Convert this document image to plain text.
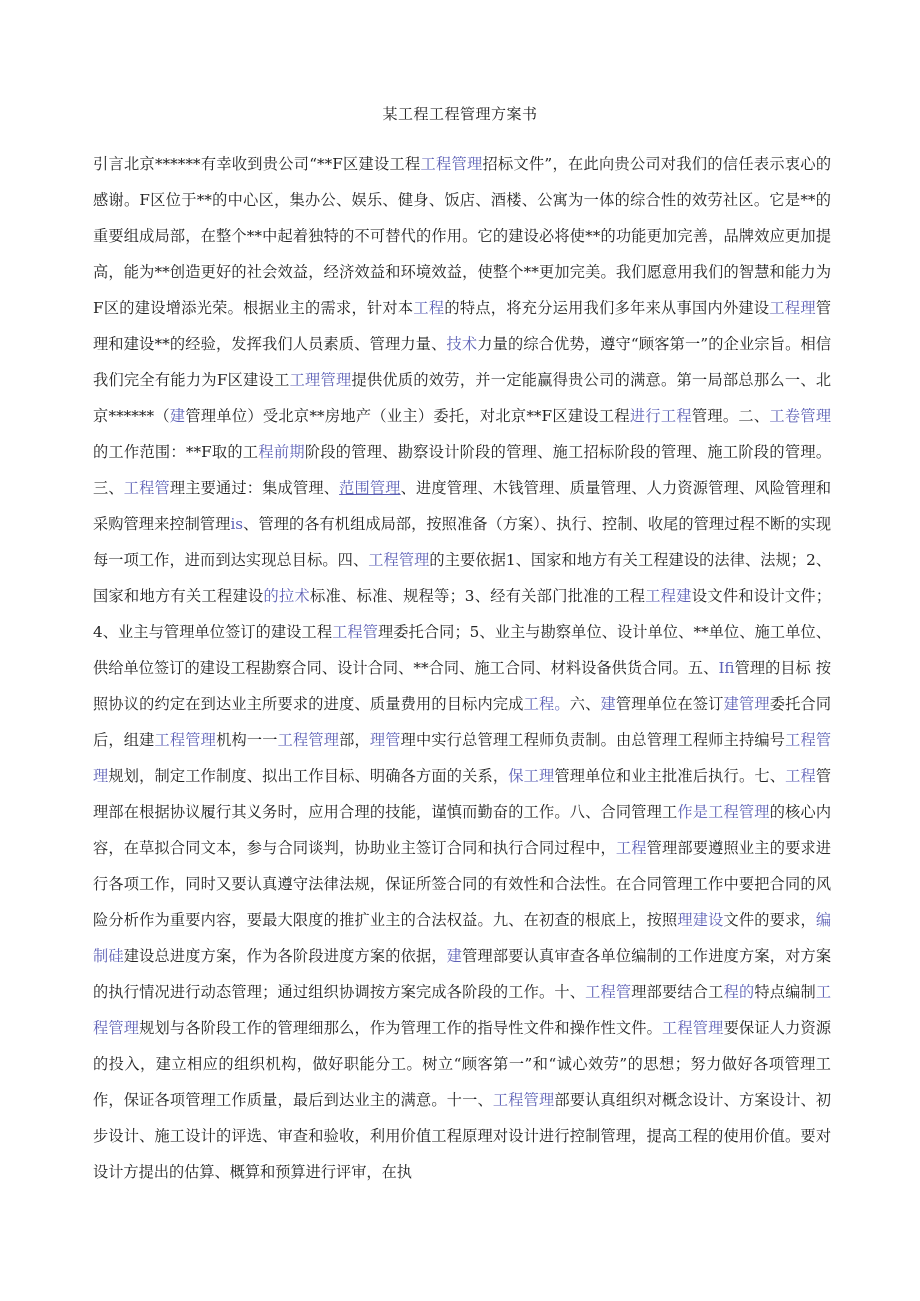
某工程工程管理方案书

引言北京******有幸收到贵公司“**F区建设工程工程管理招标文件”，在此向贵公司对我们的信任表示衷心的感谢。F区位于**的中心区，集办公、娱乐、健身、饭店、酒楼、公寓为一体的综合性的效劳社区。它是**的重要组成局部，在整个**中起着独特的不可替代的作用。它的建设必将使**的功能更加完善，品牌效应更加提高，能为**创造更好的社会效益，经济效益和环境效益，使整个**更加完美。我们愿意用我们的智慧和能力为F区的建设增添光荣。根据业主的需求，针对本工程的特点，将充分运用我们多年来从事国内外建设工程理管理和建设**的经验，发挥我们人员素质、管理力量、技术力量的综合优势，遵守“顾客第一”的企业宗旨。相信我们完全有能力为F区建设工工理管理提供优质的效劳，并一定能赢得贵公司的满意。第一局部总那么一、北京******（建管理单位）受北京**房地产（业主）委托，对北京**F区建设工程进行工程管理。二、工卷管理的工作范围：**F取的工程前期阶段的管理、勘察设计阶段的管理、施工招标阶段的管理、施工阶段的管理。三、工程管理主要通过：集成管理、范围管理、进度管理、木钱管理、质量管理、人力资源管理、风险管理和采购管理来控制管理is、管理的各有机组成局部，按照准备（方案）、执行、控制、收尾的管理过程不断的实现每一项工作，进而到达实现总目标。四、工程管理的主要依据1、国家和地方有关工程建设的法律、法规；2、国家和地方有关工程建设的拉术标准、标准、规程等；3、经有关部门批准的工程工程建设文件和设计文件；4、业主与管理单位签订的建设工程工程管理委托合同；5、业主与勘察单位、设计单位、**单位、施工单位、供给单位签订的建设工程勘察合同、设计合同、**合同、施工合同、材料设备供货合同。五、Ifi管理的目标 按照协议的约定在到达业主所要求的进度、质量费用的目标内完成工程。六、建管理单位在签订建管理委托合同后，组建工程管理机构一一工程管理部，理管理中实行总管理工程师负责制。由总管理工程师主持编号工程管理规划，制定工作制度、拟出工作目标、明确各方面的关系，保工理管理单位和业主批准后执行。七、工程管理部在根据协议履行其义务时，应用合理的技能，谨慎而勤奋的工作。八、合同管理工作是工程管理的核心内容，在草拟合同文本，参与合同谈判，协助业主签订合同和执行合同过程中，工程管理部要遵照业主的要求进行各项工作，同时又要认真遵守法律法规，保证所签合同的有效性和合法性。在合同管理工作中要把合同的风险分析作为重要内容，要最大限度的推扩业主的合法权益。九、在初查的根底上，按照理建设文件的要求，编制硅建设总进度方案，作为各阶段进度方案的依据，建管理部要认真审查各单位编制的工作进度方案，对方案的执行情况进行动态管理；通过组织协调按方案完成各阶段的工作。十、工程管理部要结合工程的特点编制工程管理规划与各阶段工作的管理细那么，作为管理工作的指导性文件和操作性文件。工程管理要保证人力资源的投入，建立相应的组织机构，做好职能分工。树立“顾客第一”和“诚心效劳”的思想；努力做好各项管理工作，保证各项管理工作质量，最后到达业主的满意。十一、工程管理部要认真组织对概念设计、方案设计、初步设计、施工设计的评选、审查和验收，利用价值工程原理对设计进行控制管理，提高工程的使用价值。要对设计方提出的估算、概算和预算进行评审，在执
